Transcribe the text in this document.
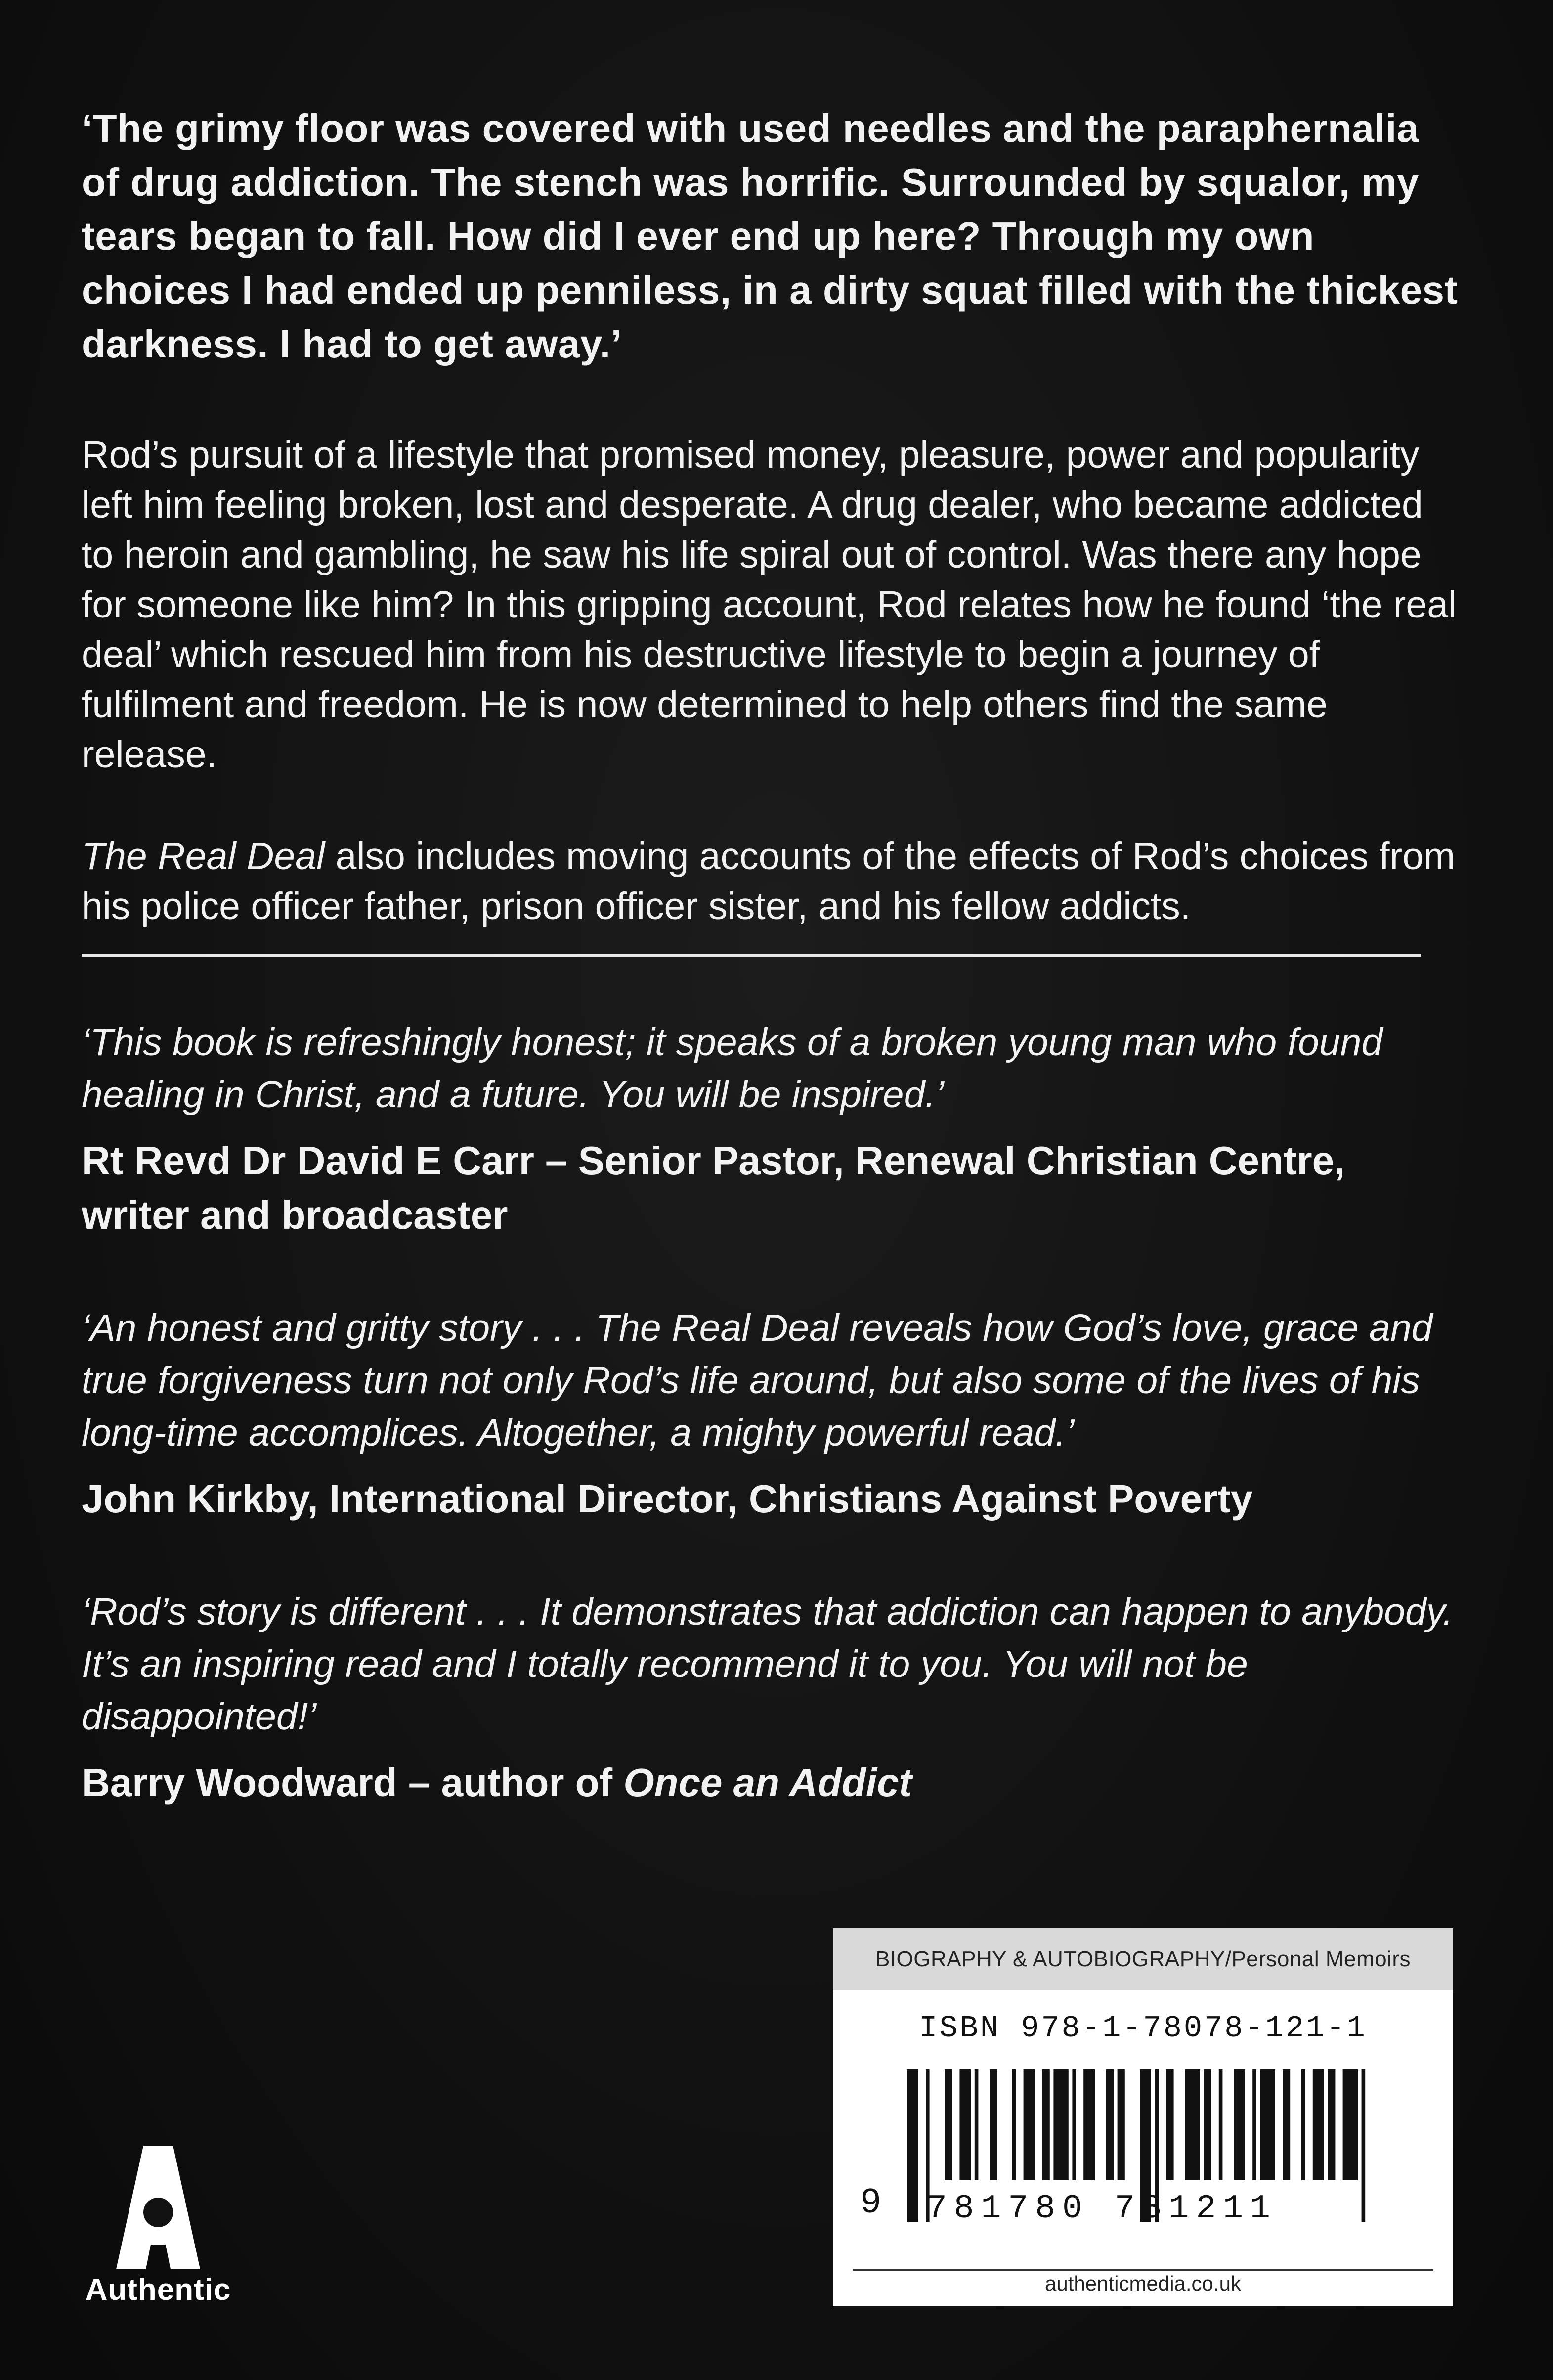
‘The grimy floor was covered with used needles and the paraphernalia of drug addiction. The stench was horrific. Surrounded by squalor, my tears began to fall. How did I ever end up here? Through my own choices I had ended up penniless, in a dirty squat filled with the thickest darkness. I had to get away.’

Rod’s pursuit of a lifestyle that promised money, pleasure, power and popularity left him feeling broken, lost and desperate. A drug dealer, who became addicted to heroin and gambling, he saw his life spiral out of control. Was there any hope for someone like him? In this gripping account, Rod relates how he found ‘the real deal’ which rescued him from his destructive lifestyle to begin a journey of fulfilment and freedom. He is now determined to help others find the same release.

The Real Deal also includes moving accounts of the effects of Rod’s choices from his police officer father, prison officer sister, and his fellow addicts.

‘This book is refreshingly honest; it speaks of a broken young man who found healing in Christ, and a future. You will be inspired.’

Rt Revd Dr David E Carr – Senior Pastor, Renewal Christian Centre, writer and broadcaster

‘An honest and gritty story . . . The Real Deal reveals how God’s love, grace and true forgiveness turn not only Rod’s life around, but also some of the lives of his long-time accomplices. Altogether, a mighty powerful read.’

John Kirkby, International Director, Christians Against Poverty

‘Rod’s story is different . . . It demonstrates that addiction can happen to anybody. It’s an inspiring read and I totally recommend it to you. You will not be disappointed!’

Barry Woodward – author of Once an Addict

Authentic
BIOGRAPHY & AUTOBIOGRAPHY/Personal Memoirs
ISBN 978-1-78078-121-1
9 781780 781211
authenticmedia.co.uk
